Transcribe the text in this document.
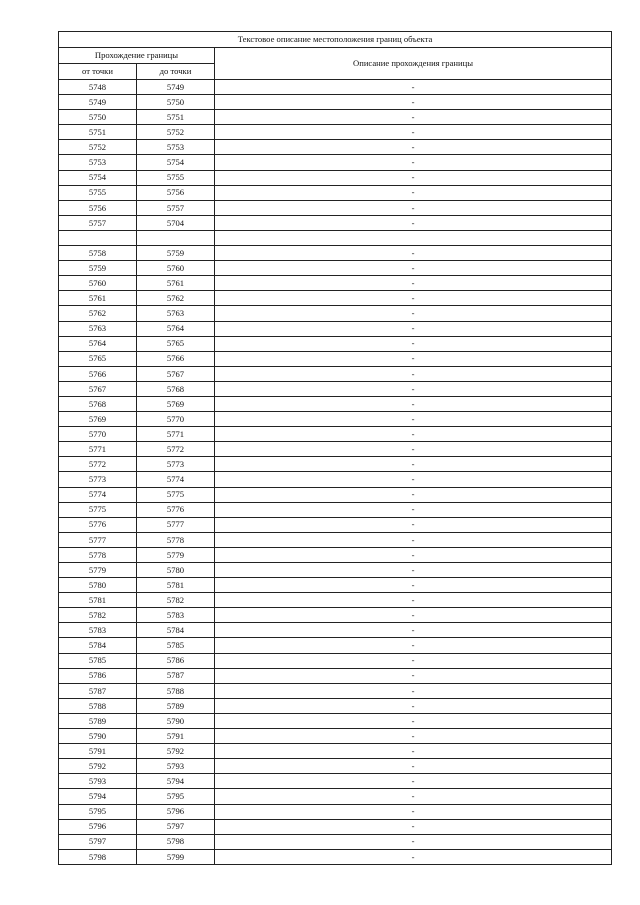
Текстовое описание местоположения границ объекта		
Прохождение границы		Описание прохождения границы
от точки	до точки	
5748	5749	-
5749	5750	-
5750	5751	-
5751	5752	-
5752	5753	-
5753	5754	-
5754	5755	-
5755	5756	-
5756	5757	-
5757	5704	-

5758	5759	-
5759	5760	-
5760	5761	-
5761	5762	-
5762	5763	-
5763	5764	-
5764	5765	-
5765	5766	-
5766	5767	-
5767	5768	-
5768	5769	-
5769	5770	-
5770	5771	-
5771	5772	-
5772	5773	-
5773	5774	-
5774	5775	-
5775	5776	-
5776	5777	-
5777	5778	-
5778	5779	-
5779	5780	-
5780	5781	-
5781	5782	-
5782	5783	-
5783	5784	-
5784	5785	-
5785	5786	-
5786	5787	-
5787	5788	-
5788	5789	-
5789	5790	-
5790	5791	-
5791	5792	-
5792	5793	-
5793	5794	-
5794	5795	-
5795	5796	-
5796	5797	-
5797	5798	-
5798	5799	-
